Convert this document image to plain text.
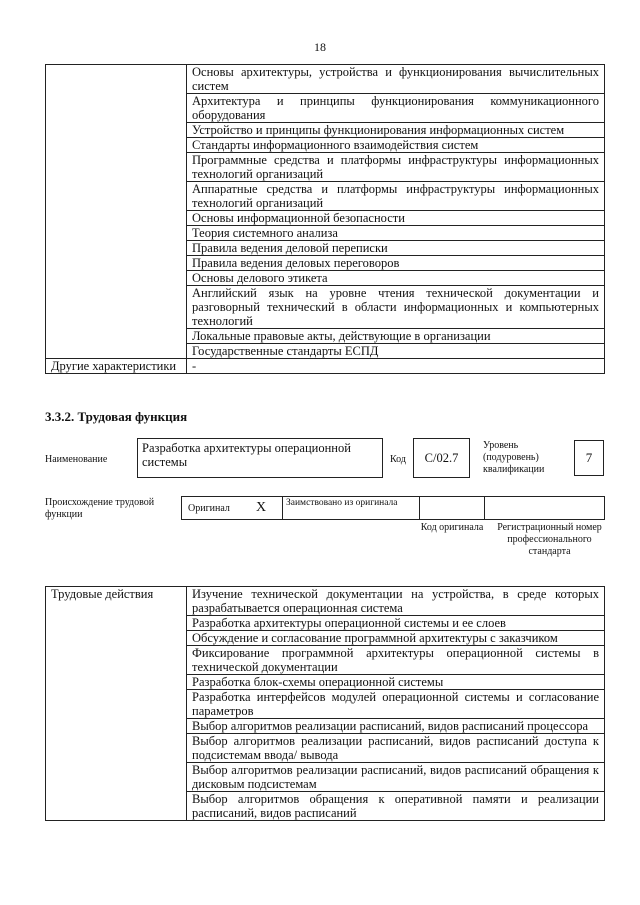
18
	Основы архитектуры, устройства и функционирования вычислительных систем
	Архитектура и принципы функционирования коммуникационного оборудования
	Устройство и принципы функционирования информационных систем
	Стандарты информационного взаимодействия систем
	Программные средства и платформы инфраструктуры информационных технологий организаций
	Аппаратные средства и платформы инфраструктуры информационных технологий организаций
	Основы информационной безопасности
	Теория системного анализа
	Правила ведения деловой переписки
	Правила ведения деловых переговоров
	Основы делового этикета
	Английский язык на уровне чтения технической документации и разговорный технический в области информационных и компьютерных технологий
	Локальные правовые акты, действующие в организации
	Государственные стандарты ЕСПД
Другие характеристики	-
3.3.2. Трудовая функция
Наименование
Разработка архитектуры операционной системы	Код	C/02.7
Уровень (подуровень) квалификации
7
Происхождение трудовой функции
Оригинал X Заимствовано из оригинала
Код оригинала	Регистрационный номер профессионального стандарта
Трудовые действия	Изучение технической документации на устройства, в среде которых разрабатывается операционная система
Разработка архитектуры операционной системы и ее слоев
Обсуждение и согласование программной архитектуры с заказчиком
Фиксирование программной архитектуры операционной системы в технической документации
Разработка блок-схемы операционной системы
Разработка интерфейсов модулей операционной системы и согласование параметров
Выбор алгоритмов реализации расписаний, видов расписаний процессора
Выбор алгоритмов реализации расписаний, видов расписаний доступа к подсистемам ввода/ вывода
Выбор алгоритмов реализации расписаний, видов расписаний обращения к дисковым подсистемам
Выбор алгоритмов обращения к оперативной памяти и реализации расписаний, видов расписаний
